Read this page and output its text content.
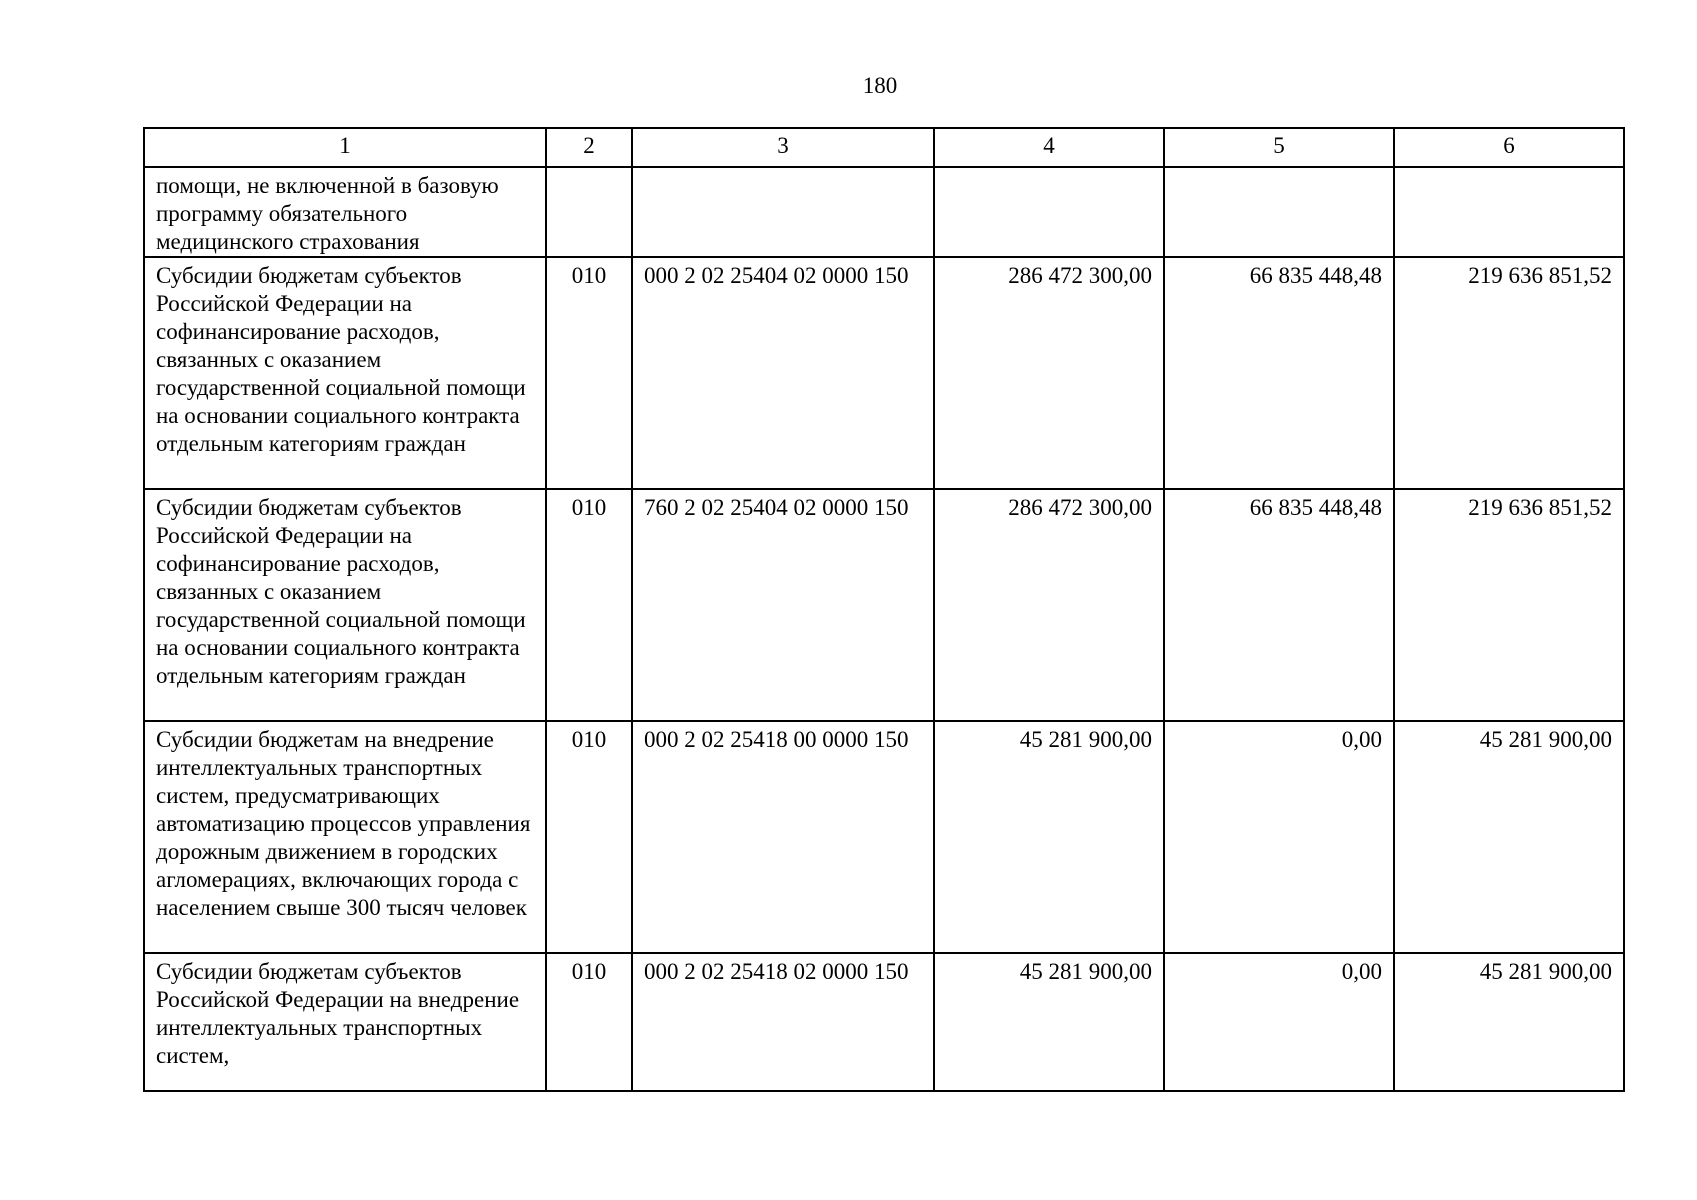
180
1	2	3	4	5	6
помощи, не включенной в базовую программу обязательного медицинского страхования					
Субсидии бюджетам субъектов Российской Федерации на софинансирование расходов, связанных с оказанием государственной социальной помощи на основании социального контракта отдельным категориям граждан	010	000 2 02 25404 02 0000 150	286 472 300,00	66 835 448,48	219 636 851,52
Субсидии бюджетам субъектов Российской Федерации на софинансирование расходов, связанных с оказанием государственной социальной помощи на основании социального контракта отдельным категориям граждан	010	760 2 02 25404 02 0000 150	286 472 300,00	66 835 448,48	219 636 851,52
Субсидии бюджетам на внедрение интеллектуальных транспортных систем, предусматривающих автоматизацию процессов управления дорожным движением в городских агломерациях, включающих города с населением свыше 300 тысяч человек	010	000 2 02 25418 00 0000 150	45 281 900,00	0,00	45 281 900,00
Субсидии бюджетам субъектов Российской Федерации на внедрение интеллектуальных транспортных систем,	010	000 2 02 25418 02 0000 150	45 281 900,00	0,00	45 281 900,00
